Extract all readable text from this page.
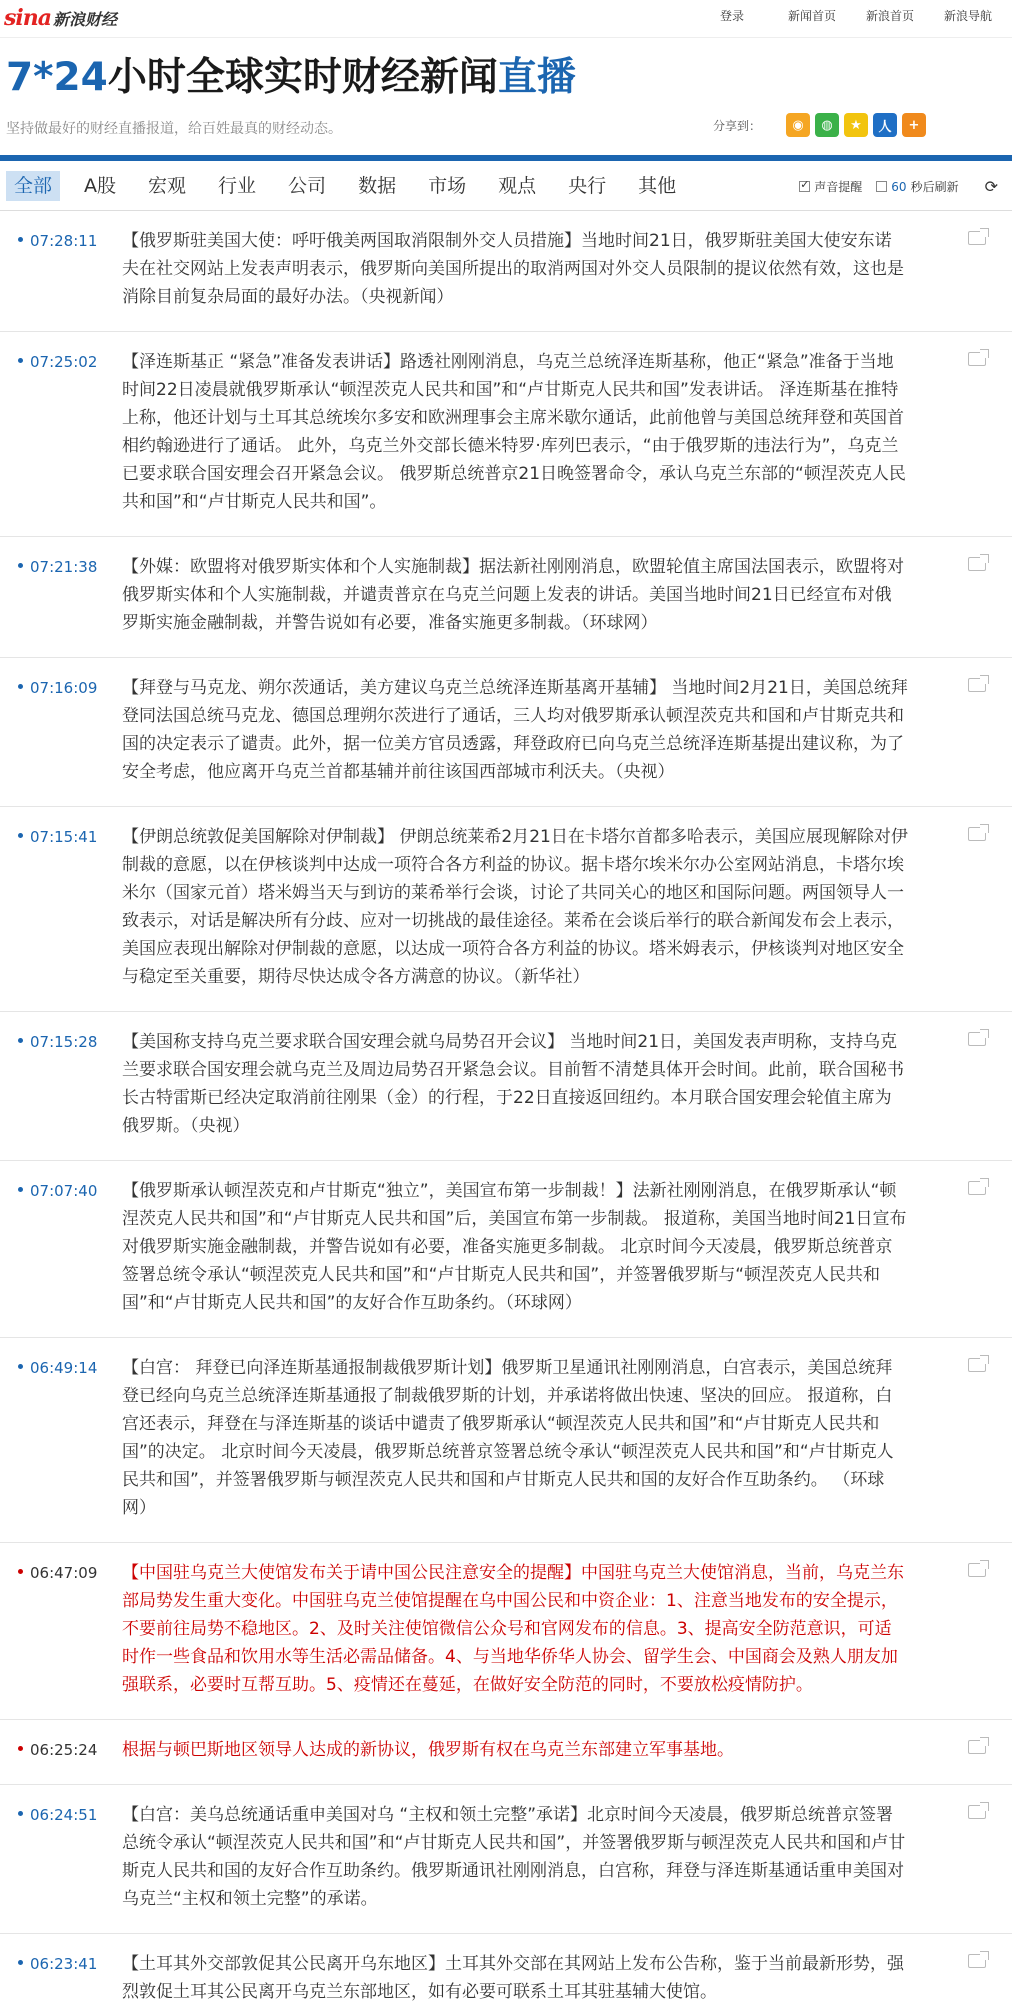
sina 新浪财经	登录	新闻首页	新浪首页	新浪导航
7*24小时全球实时财经新闻直播
坚持做最好的财经直播报道，给百姓最真的财经动态。	分享到：	◉	◍	★	人	+
全部	A股	宏观	行业	公司	数据	市场	观点	央行	其他
✓	声音提醒 60 秒后刷新 ⟳
07:28:11 【俄罗斯驻美国大使：呼吁俄美两国取消限制外交人员措施】当地时间21日，俄罗斯驻美国大使安东诺夫在社交网站上发表声明表示，俄罗斯向美国所提出的取消两国对外交人员限制的提议依然有效，这也是消除目前复杂局面的最好办法。（央视新闻）
07:25:02 【泽连斯基正 “紧急”准备发表讲话】路透社刚刚消息，乌克兰总统泽连斯基称，他正“紧急”准备于当地时间22日凌晨就俄罗斯承认“顿涅茨克人民共和国”和“卢甘斯克人民共和国”发表讲话。 泽连斯基在推特上称，他还计划与土耳其总统埃尔多安和欧洲理事会主席米歇尔通话，此前他曾与美国总统拜登和英国首相约翰逊进行了通话。 此外，乌克兰外交部长德米特罗·库列巴表示，“由于俄罗斯的违法行为”，乌克兰已要求联合国安理会召开紧急会议。 俄罗斯总统普京21日晚签署命令，承认乌克兰东部的“顿涅茨克人民共和国”和“卢甘斯克人民共和国”。
07:21:38 【外媒：欧盟将对俄罗斯实体和个人实施制裁】据法新社刚刚消息，欧盟轮值主席国法国表示，欧盟将对俄罗斯实体和个人实施制裁，并谴责普京在乌克兰问题上发表的讲话。美国当地时间21日已经宣布对俄罗斯实施金融制裁，并警告说如有必要，准备实施更多制裁。（环球网）
07:16:09 【拜登与马克龙、朔尔茨通话，美方建议乌克兰总统泽连斯基离开基辅】 当地时间2月21日，美国总统拜登同法国总统马克龙、德国总理朔尔茨进行了通话，三人均对俄罗斯承认顿涅茨克共和国和卢甘斯克共和国的决定表示了谴责。此外，据一位美方官员透露，拜登政府已向乌克兰总统泽连斯基提出建议称，为了安全考虑，他应离开乌克兰首都基辅并前往该国西部城市利沃夫。（央视）
07:15:41 【伊朗总统敦促美国解除对伊制裁】 伊朗总统莱希2月21日在卡塔尔首都多哈表示，美国应展现解除对伊制裁的意愿，以在伊核谈判中达成一项符合各方利益的协议。据卡塔尔埃米尔办公室网站消息，卡塔尔埃米尔（国家元首）塔米姆当天与到访的莱希举行会谈，讨论了共同关心的地区和国际问题。两国领导人一致表示，对话是解决所有分歧、应对一切挑战的最佳途径。莱希在会谈后举行的联合新闻发布会上表示，美国应表现出解除对伊制裁的意愿，以达成一项符合各方利益的协议。塔米姆表示，伊核谈判对地区安全与稳定至关重要，期待尽快达成令各方满意的协议。（新华社）
07:15:28 【美国称支持乌克兰要求联合国安理会就乌局势召开会议】 当地时间21日，美国发表声明称，支持乌克兰要求联合国安理会就乌克兰及周边局势召开紧急会议。目前暂不清楚具体开会时间。此前，联合国秘书长古特雷斯已经决定取消前往刚果（金）的行程，于22日直接返回纽约。本月联合国安理会轮值主席为俄罗斯。（央视）
07:07:40 【俄罗斯承认顿涅茨克和卢甘斯克“独立”，美国宣布第一步制裁！】法新社刚刚消息，在俄罗斯承认“顿涅茨克人民共和国”和“卢甘斯克人民共和国”后，美国宣布第一步制裁。 报道称，美国当地时间21日宣布对俄罗斯实施金融制裁，并警告说如有必要，准备实施更多制裁。 北京时间今天凌晨，俄罗斯总统普京签署总统令承认“顿涅茨克人民共和国”和“卢甘斯克人民共和国”，并签署俄罗斯与“顿涅茨克人民共和国”和“卢甘斯克人民共和国”的友好合作互助条约。（环球网）
06:49:14 【白宫： 拜登已向泽连斯基通报制裁俄罗斯计划】俄罗斯卫星通讯社刚刚消息，白宫表示，美国总统拜登已经向乌克兰总统泽连斯基通报了制裁俄罗斯的计划，并承诺将做出快速、坚决的回应。 报道称，白宫还表示，拜登在与泽连斯基的谈话中谴责了俄罗斯承认“顿涅茨克人民共和国”和“卢甘斯克人民共和国”的决定。 北京时间今天凌晨，俄罗斯总统普京签署总统令承认“顿涅茨克人民共和国”和“卢甘斯克人民共和国”，并签署俄罗斯与顿涅茨克人民共和国和卢甘斯克人民共和国的友好合作互助条约。 （环球网）
06:47:09 【中国驻乌克兰大使馆发布关于请中国公民注意安全的提醒】中国驻乌克兰大使馆消息，当前，乌克兰东部局势发生重大变化。中国驻乌克兰使馆提醒在乌中国公民和中资企业：1、注意当地发布的安全提示，不要前往局势不稳地区。2、及时关注使馆微信公众号和官网发布的信息。3、提高安全防范意识，可适时作一些食品和饮用水等生活必需品储备。4、与当地华侨华人协会、留学生会、中国商会及熟人朋友加强联系，必要时互帮互助。5、疫情还在蔓延，在做好安全防范的同时，不要放松疫情防护。
06:25:24 根据与顿巴斯地区领导人达成的新协议，俄罗斯有权在乌克兰东部建立军事基地。
06:24:51 【白宫：美乌总统通话重申美国对乌 “主权和领土完整”承诺】北京时间今天凌晨，俄罗斯总统普京签署总统令承认“顿涅茨克人民共和国”和“卢甘斯克人民共和国”，并签署俄罗斯与顿涅茨克人民共和国和卢甘斯克人民共和国的友好合作互助条约。俄罗斯通讯社刚刚消息，白宫称，拜登与泽连斯基通话重申美国对乌克兰“主权和领土完整”的承诺。
06:23:41 【土耳其外交部敦促其公民离开乌东地区】土耳其外交部在其网站上发布公告称，鉴于当前最新形势，强烈敦促土耳其公民离开乌克兰东部地区，如有必要可联系土耳其驻基辅大使馆。
